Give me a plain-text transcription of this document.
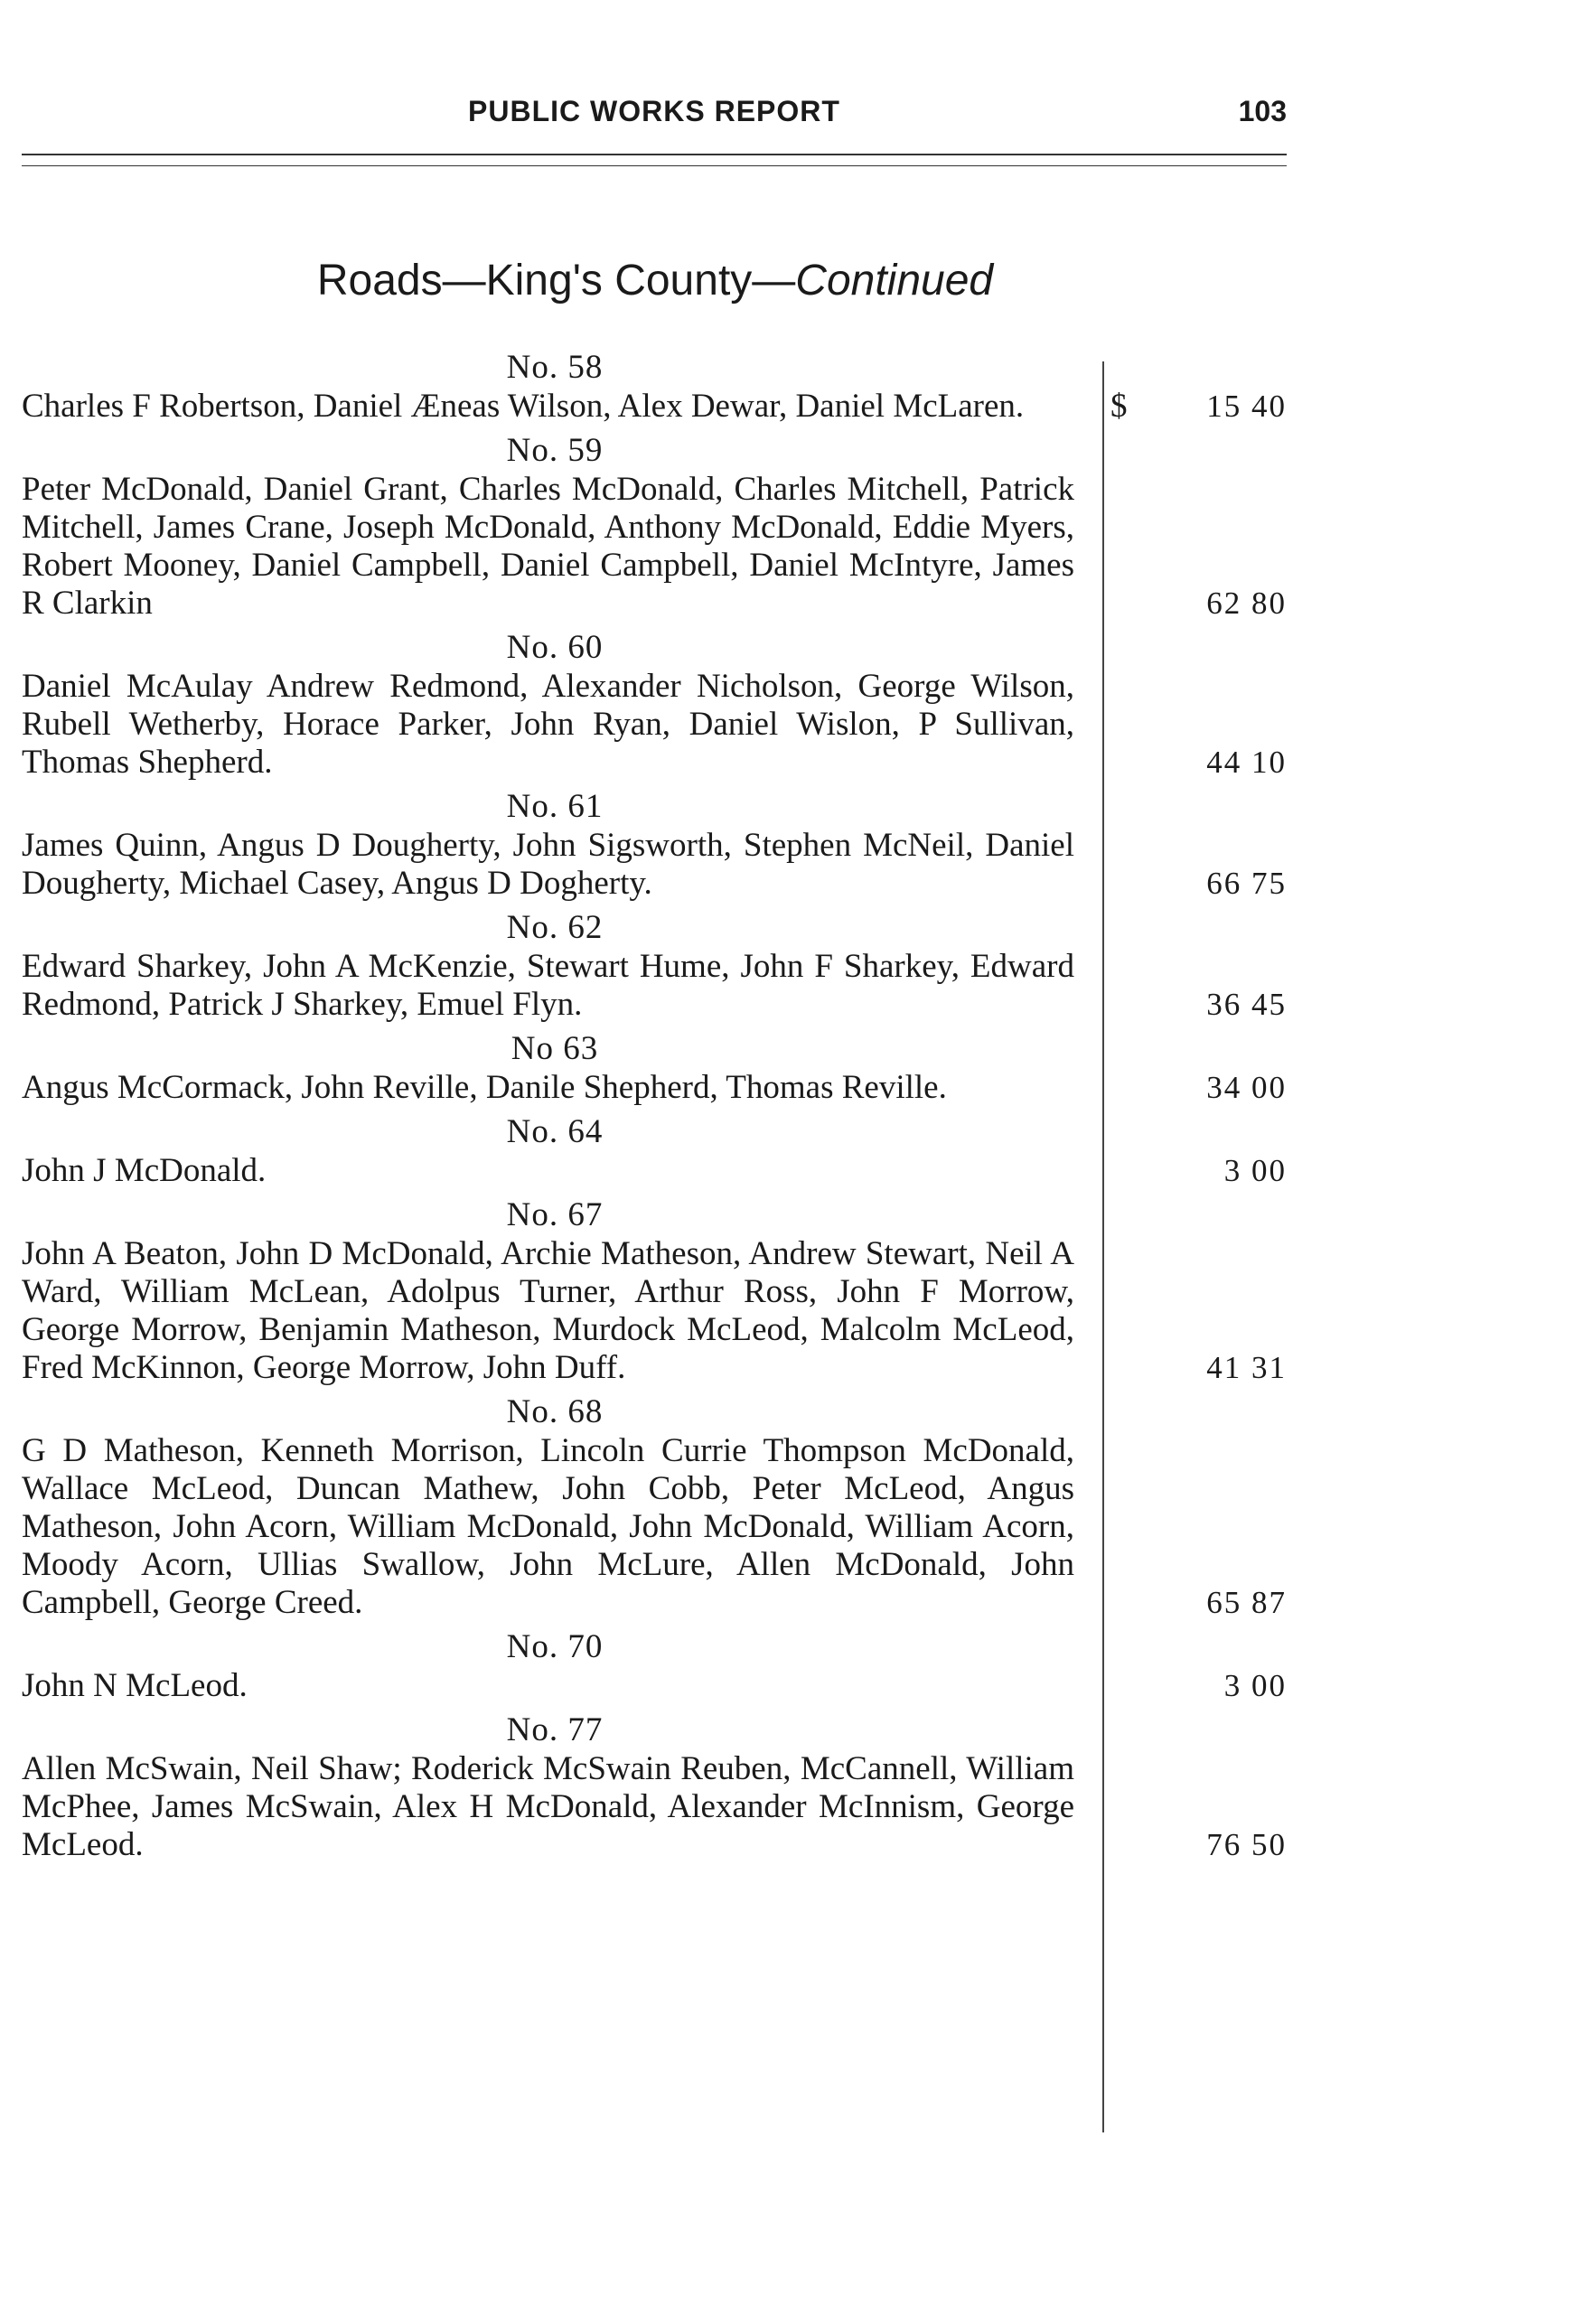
PUBLIC WORKS REPORT	103
Roads—King's County—Continued
No. 58
Charles F Robertson, Daniel Æneas Wilson, Alex Dewar, Daniel McLaren.	$	15 40
No. 59
Peter McDonald, Daniel Grant, Charles McDonald, Charles Mitchell, Patrick Mitchell, James Crane, Joseph McDonald, Anthony McDonald, Eddie Myers, Robert Mooney, Daniel Campbell, Daniel Campbell, Daniel McIntyre, James R Clarkin	62 80
No. 60
Daniel McAulay Andrew Redmond, Alexander Nicholson, George Wilson, Rubell Wetherby, Horace Parker, John Ryan, Daniel Wislon, P Sullivan, Thomas Shepherd.	44 10
No. 61
James Quinn, Angus D Dougherty, John Sigsworth, Stephen McNeil, Daniel Dougherty, Michael Casey, Angus D Dogherty.	66 75
No. 62
Edward Sharkey, John A McKenzie, Stewart Hume, John F Sharkey, Edward Redmond, Patrick J Sharkey, Emuel Flyn.	36 45
No 63
Angus McCormack, John Reville, Danile Shepherd, Thomas Reville.	34 00
No. 64
John J McDonald.	3 00
No. 67
John A Beaton, John D McDonald, Archie Matheson, Andrew Stewart, Neil A Ward, William McLean, Adolpus Turner, Arthur Ross, John F Morrow, George Morrow, Benjamin Matheson, Murdock McLeod, Malcolm McLeod, Fred McKinnon, George Morrow, John Duff.	41 31
No. 68
G D Matheson, Kenneth Morrison, Lincoln Currie Thompson McDonald, Wallace McLeod, Duncan Mathew, John Cobb, Peter McLeod, Angus Matheson, John Acorn, William McDonald, John McDonald, William Acorn, Moody Acorn, Ullias Swallow, John McLure, Allen McDonald, John Campbell, George Creed.	65 87
No. 70
John N McLeod.	3 00
No. 77
Allen McSwain, Neil Shaw; Roderick McSwain Reuben, McCannell, William McPhee, James McSwain, Alex H McDonald, Alexander McInnism, George McLeod.	76 50
